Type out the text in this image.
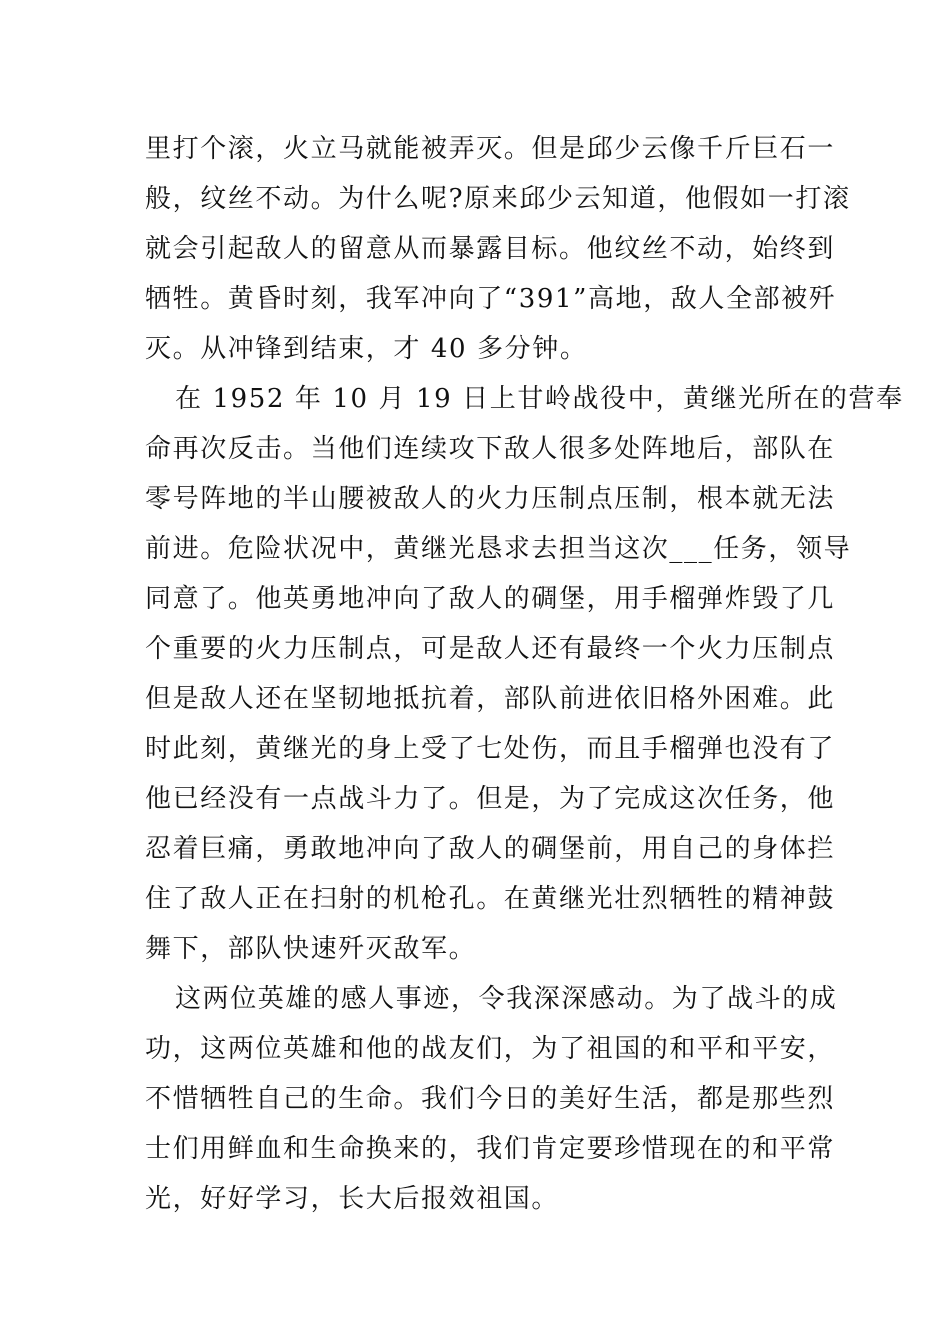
里打个滚，火立马就能被弄灭。但是邱少云像千斤巨石一
般，纹丝不动。为什么呢?原来邱少云知道，他假如一打滚
就会引起敌人的留意从而暴露目标。他纹丝不动，始终到
牺牲。黄昏时刻，我军冲向了“391”高地，敌人全部被歼
灭。从冲锋到结束，才 40 多分钟。
在 1952 年 10 月 19 日上甘岭战役中，黄继光所在的营奉
命再次反击。当他们连续攻下敌人很多处阵地后，部队在
零号阵地的半山腰被敌人的火力压制点压制，根本就无法
前进。危险状况中，黄继光恳求去担当这次___任务，领导
同意了。他英勇地冲向了敌人的碉堡，用手榴弹炸毁了几
个重要的火力压制点，可是敌人还有最终一个火力压制点
但是敌人还在坚韧地抵抗着，部队前进依旧格外困难。此
时此刻，黄继光的身上受了七处伤，而且手榴弹也没有了
他已经没有一点战斗力了。但是，为了完成这次任务，他
忍着巨痛，勇敢地冲向了敌人的碉堡前，用自己的身体拦
住了敌人正在扫射的机枪孔。在黄继光壮烈牺牲的精神鼓
舞下，部队快速歼灭敌军。
这两位英雄的感人事迹，令我深深感动。为了战斗的成
功，这两位英雄和他的战友们，为了祖国的和平和平安，
不惜牺牲自己的生命。我们今日的美好生活，都是那些烈
士们用鲜血和生命换来的，我们肯定要珍惜现在的和平常
光，好好学习，长大后报效祖国。
